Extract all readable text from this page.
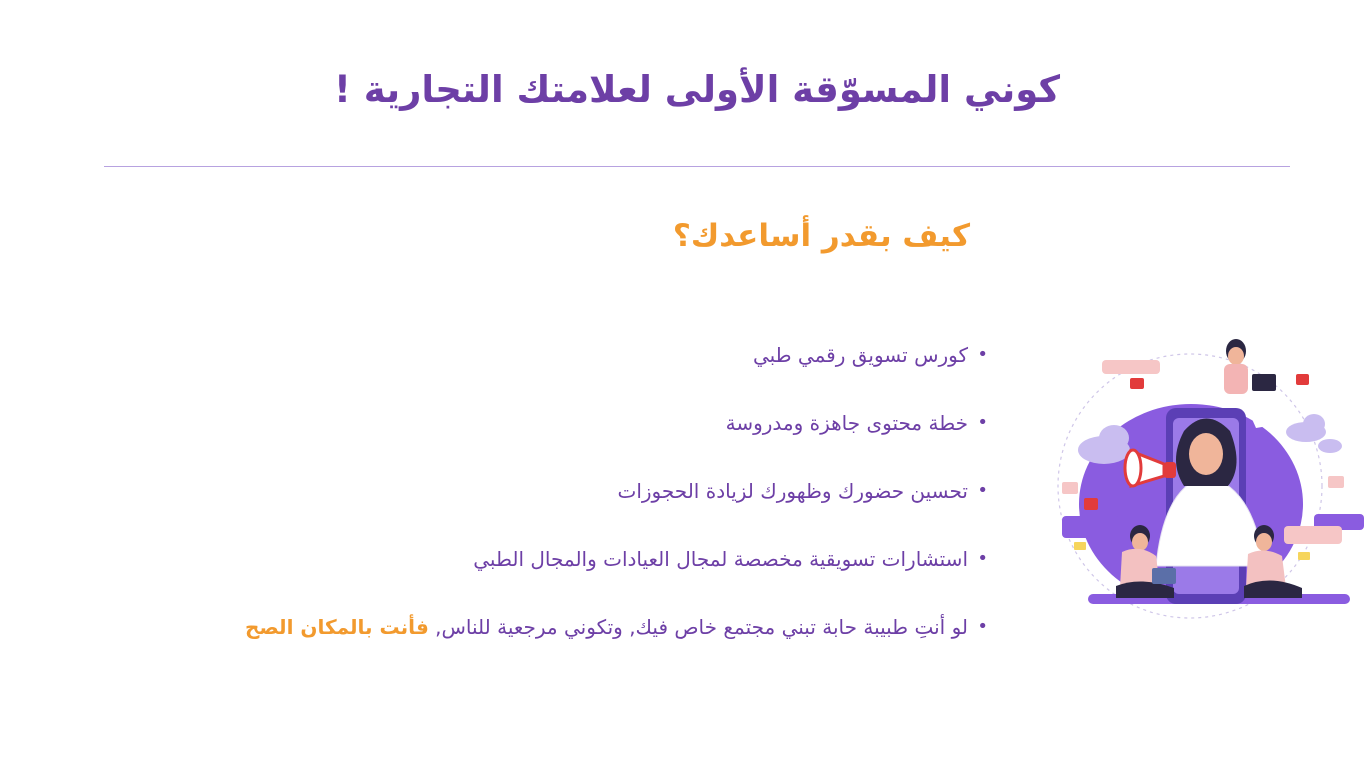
كوني المسوّقة الأولى لعلامتك التجارية !
كيف بقدر أساعدك؟
•
كورس تسويق رقمي طبي
•
خطة محتوى جاهزة ومدروسة
•
تحسين حضورك وظهورك لزيادة الحجوزات
•
استشارات تسويقية مخصصة لمجال العيادات والمجال الطبي
•
لو أنتِ طبيبة حابة تبني مجتمع خاص فيك, وتكوني مرجعية للناس, فأنت بالمكان الصح
